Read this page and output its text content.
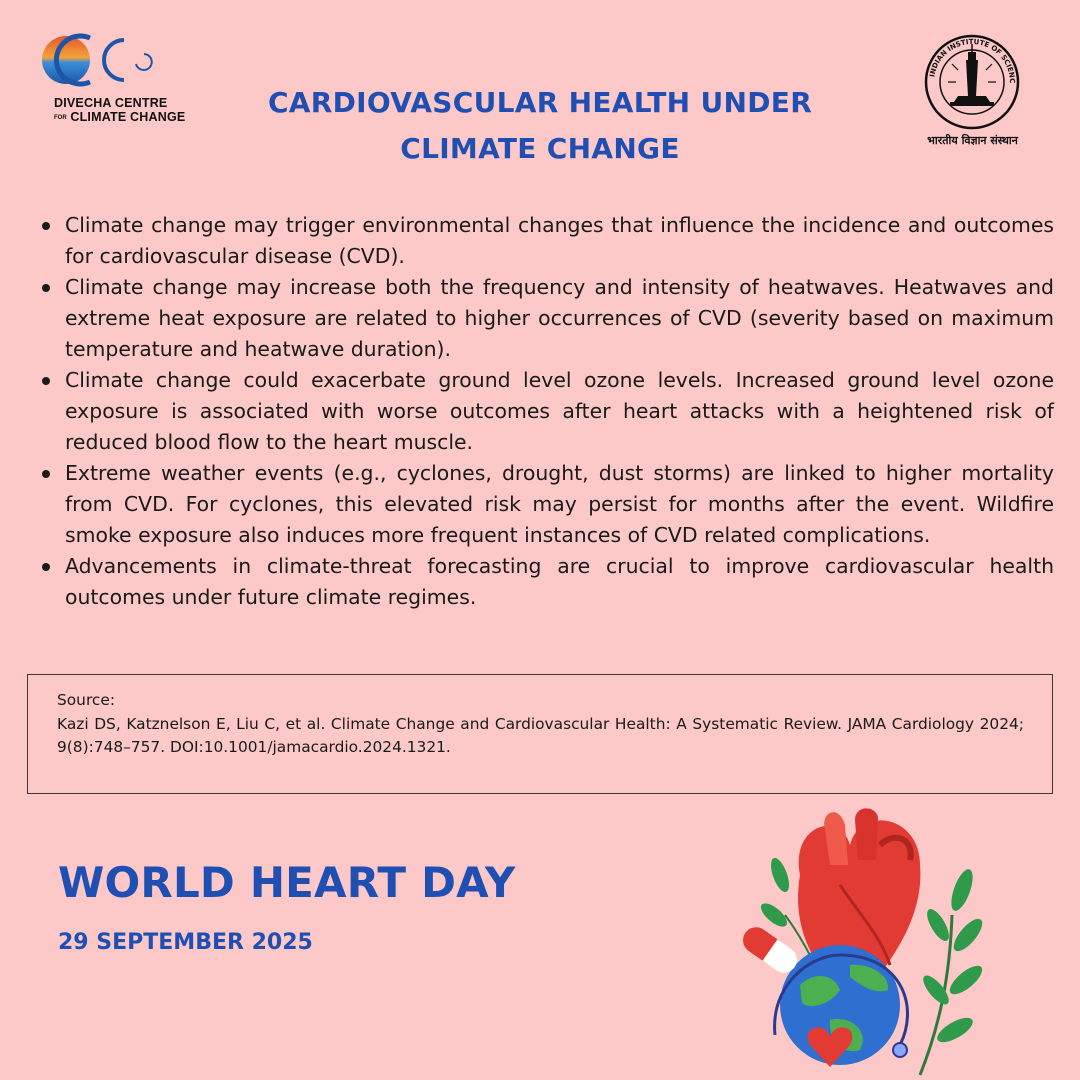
DIVECHA CENTRE
FOR CLIMATE CHANGE	CARDIOVASCULAR HEALTH UNDER
CLIMATE CHANGE
INDIAN INSTITUTE OF SCIENC
भारतीय विज्ञान संस्थान
Climate change may trigger environmental changes that influence the incidence and outcomes for cardiovascular disease (CVD).
Climate change may increase both the frequency and intensity of heatwaves. Heatwaves and extreme heat exposure are related to higher occurrences of CVD (severity based on maximum temperature and heatwave duration).
Climate change could exacerbate ground level ozone levels. Increased ground level ozone exposure is associated with worse outcomes after heart attacks with a heightened risk of reduced blood flow to the heart muscle.
Extreme weather events (e.g., cyclones, drought, dust storms) are linked to higher mortality from CVD. For cyclones, this elevated risk may persist for months after the event. Wildfire smoke exposure also induces more frequent instances of CVD related complications.
Advancements in climate-threat forecasting are crucial to improve cardiovascular health outcomes under future climate regimes.

Source:

Kazi DS, Katznelson E, Liu C, et al. Climate Change and Cardiovascular Health: A Systematic Review. JAMA Cardiology 2024; 9(8):748–757. DOI:10.1001/jamacardio.2024.1321.

WORLD HEART DAY
29 SEPTEMBER 2025
